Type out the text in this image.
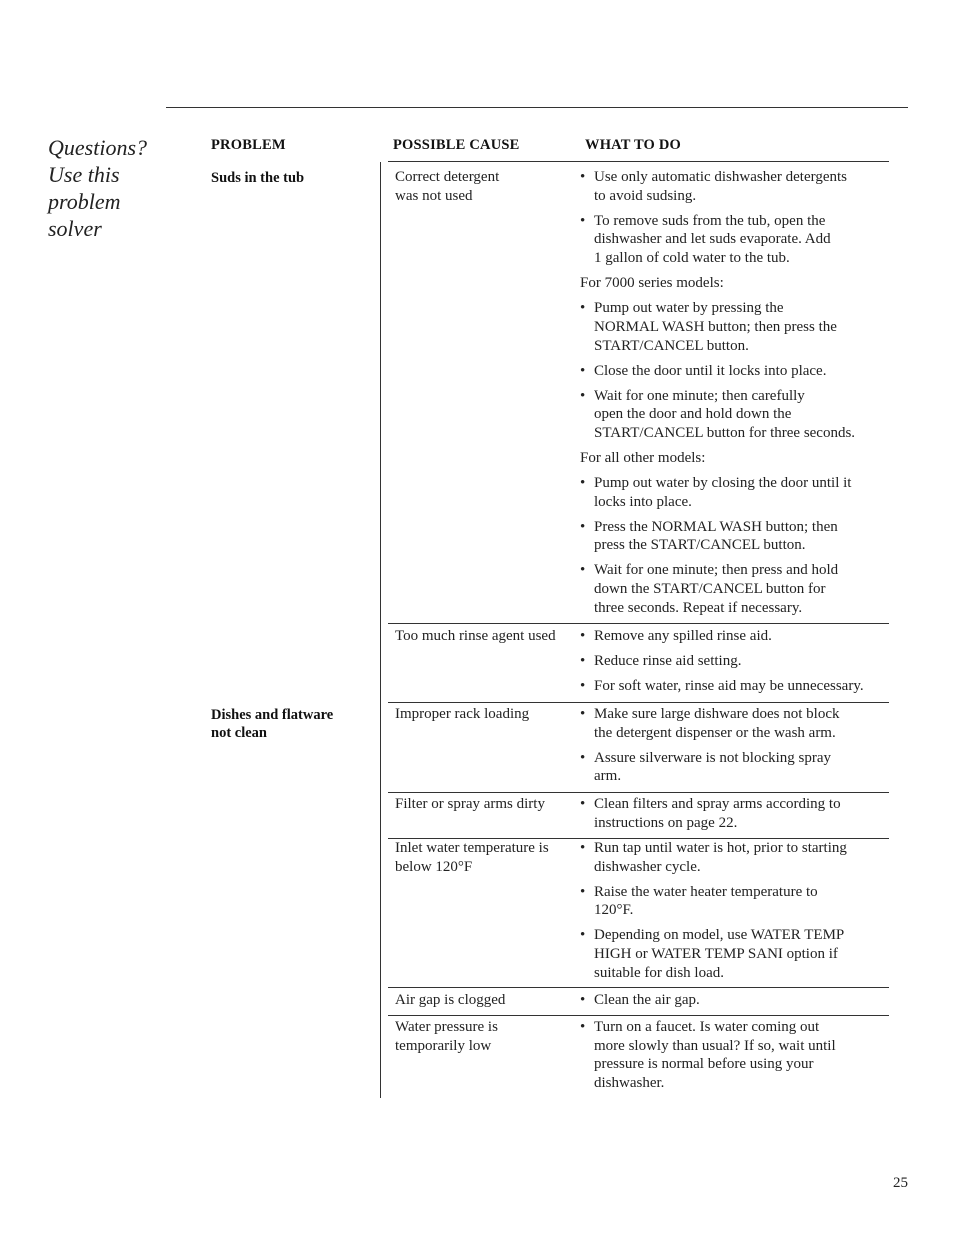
Questions?
Use this
problem
solver
PROBLEM	POSSIBLE CAUSE	WHAT TO DO
Suds in the tub
Dishes and flatware
not clean
Correct detergent
was not used
Too much rinse agent used
Improper rack loading
Filter or spray arms dirty
Inlet water temperature is
below 120°F
Air gap is clogged
Water pressure is
temporarily low
• Use only automatic dishwasher detergents
to avoid sudsing.
• To remove suds from the tub, open the
dishwasher and let suds evaporate. Add
1 gallon of cold water to the tub.
For 7000 series models:
• Pump out water by pressing the
NORMAL WASH button; then press the
START/CANCEL button.
• Close the door until it locks into place.
• Wait for one minute; then carefully
open the door and hold down the
START/CANCEL button for three seconds.
For all other models:
• Pump out water by closing the door until it
locks into place.
• Press the NORMAL WASH button; then
press the START/CANCEL button.
• Wait for one minute; then press and hold
down the START/CANCEL button for
three seconds. Repeat if necessary.
• Remove any spilled rinse aid.
• Reduce rinse aid setting.
• For soft water, rinse aid may be unnecessary.
• Make sure large dishware does not block
the detergent dispenser or the wash arm.
• Assure silverware is not blocking spray
arm.
• Clean filters and spray arms according to
instructions on page 22.
• Run tap until water is hot, prior to starting
dishwasher cycle.
• Raise the water heater temperature to
120°F.
• Depending on model, use WATER TEMP
HIGH or WATER TEMP SANI option if
suitable for dish load.
• Clean the air gap.
• Turn on a faucet. Is water coming out
more slowly than usual? If so, wait until
pressure is normal before using your
dishwasher.
25
